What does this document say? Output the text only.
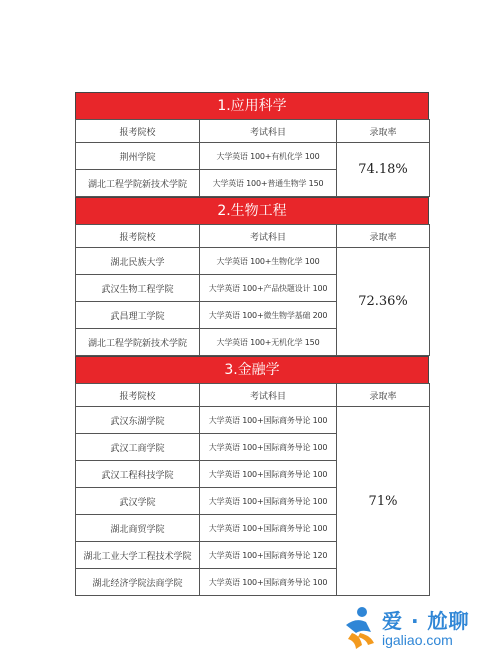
1.应用科学
报考院校	考试科目	录取率
荆州学院	大学英语 100+有机化学 100	74.18%
湖北工程学院新技术学院	大学英语 100+普通生物学 150	
2.生物工程
报考院校	考试科目	录取率
湖北民族大学	大学英语 100+生物化学 100	72.36%
武汉生物工程学院	大学英语 100+产品快题设计 100	
武昌理工学院	大学英语 100+微生物学基础 200	
湖北工程学院新技术学院	大学英语 100+无机化学 150	
3.金融学
报考院校	考试科目	录取率
武汉东湖学院	大学英语 100+国际商务导论 100	71%
武汉工商学院	大学英语 100+国际商务导论 100	
武汉工程科技学院	大学英语 100+国际商务导论 100	
武汉学院	大学英语 100+国际商务导论 100	
湖北商贸学院	大学英语 100+国际商务导论 100	
湖北工业大学工程技术学院	大学英语 100+国际商务导论 120	
湖北经济学院法商学院	大学英语 100+国际商务导论 100	
爱 · 尬聊
igaliao.com
